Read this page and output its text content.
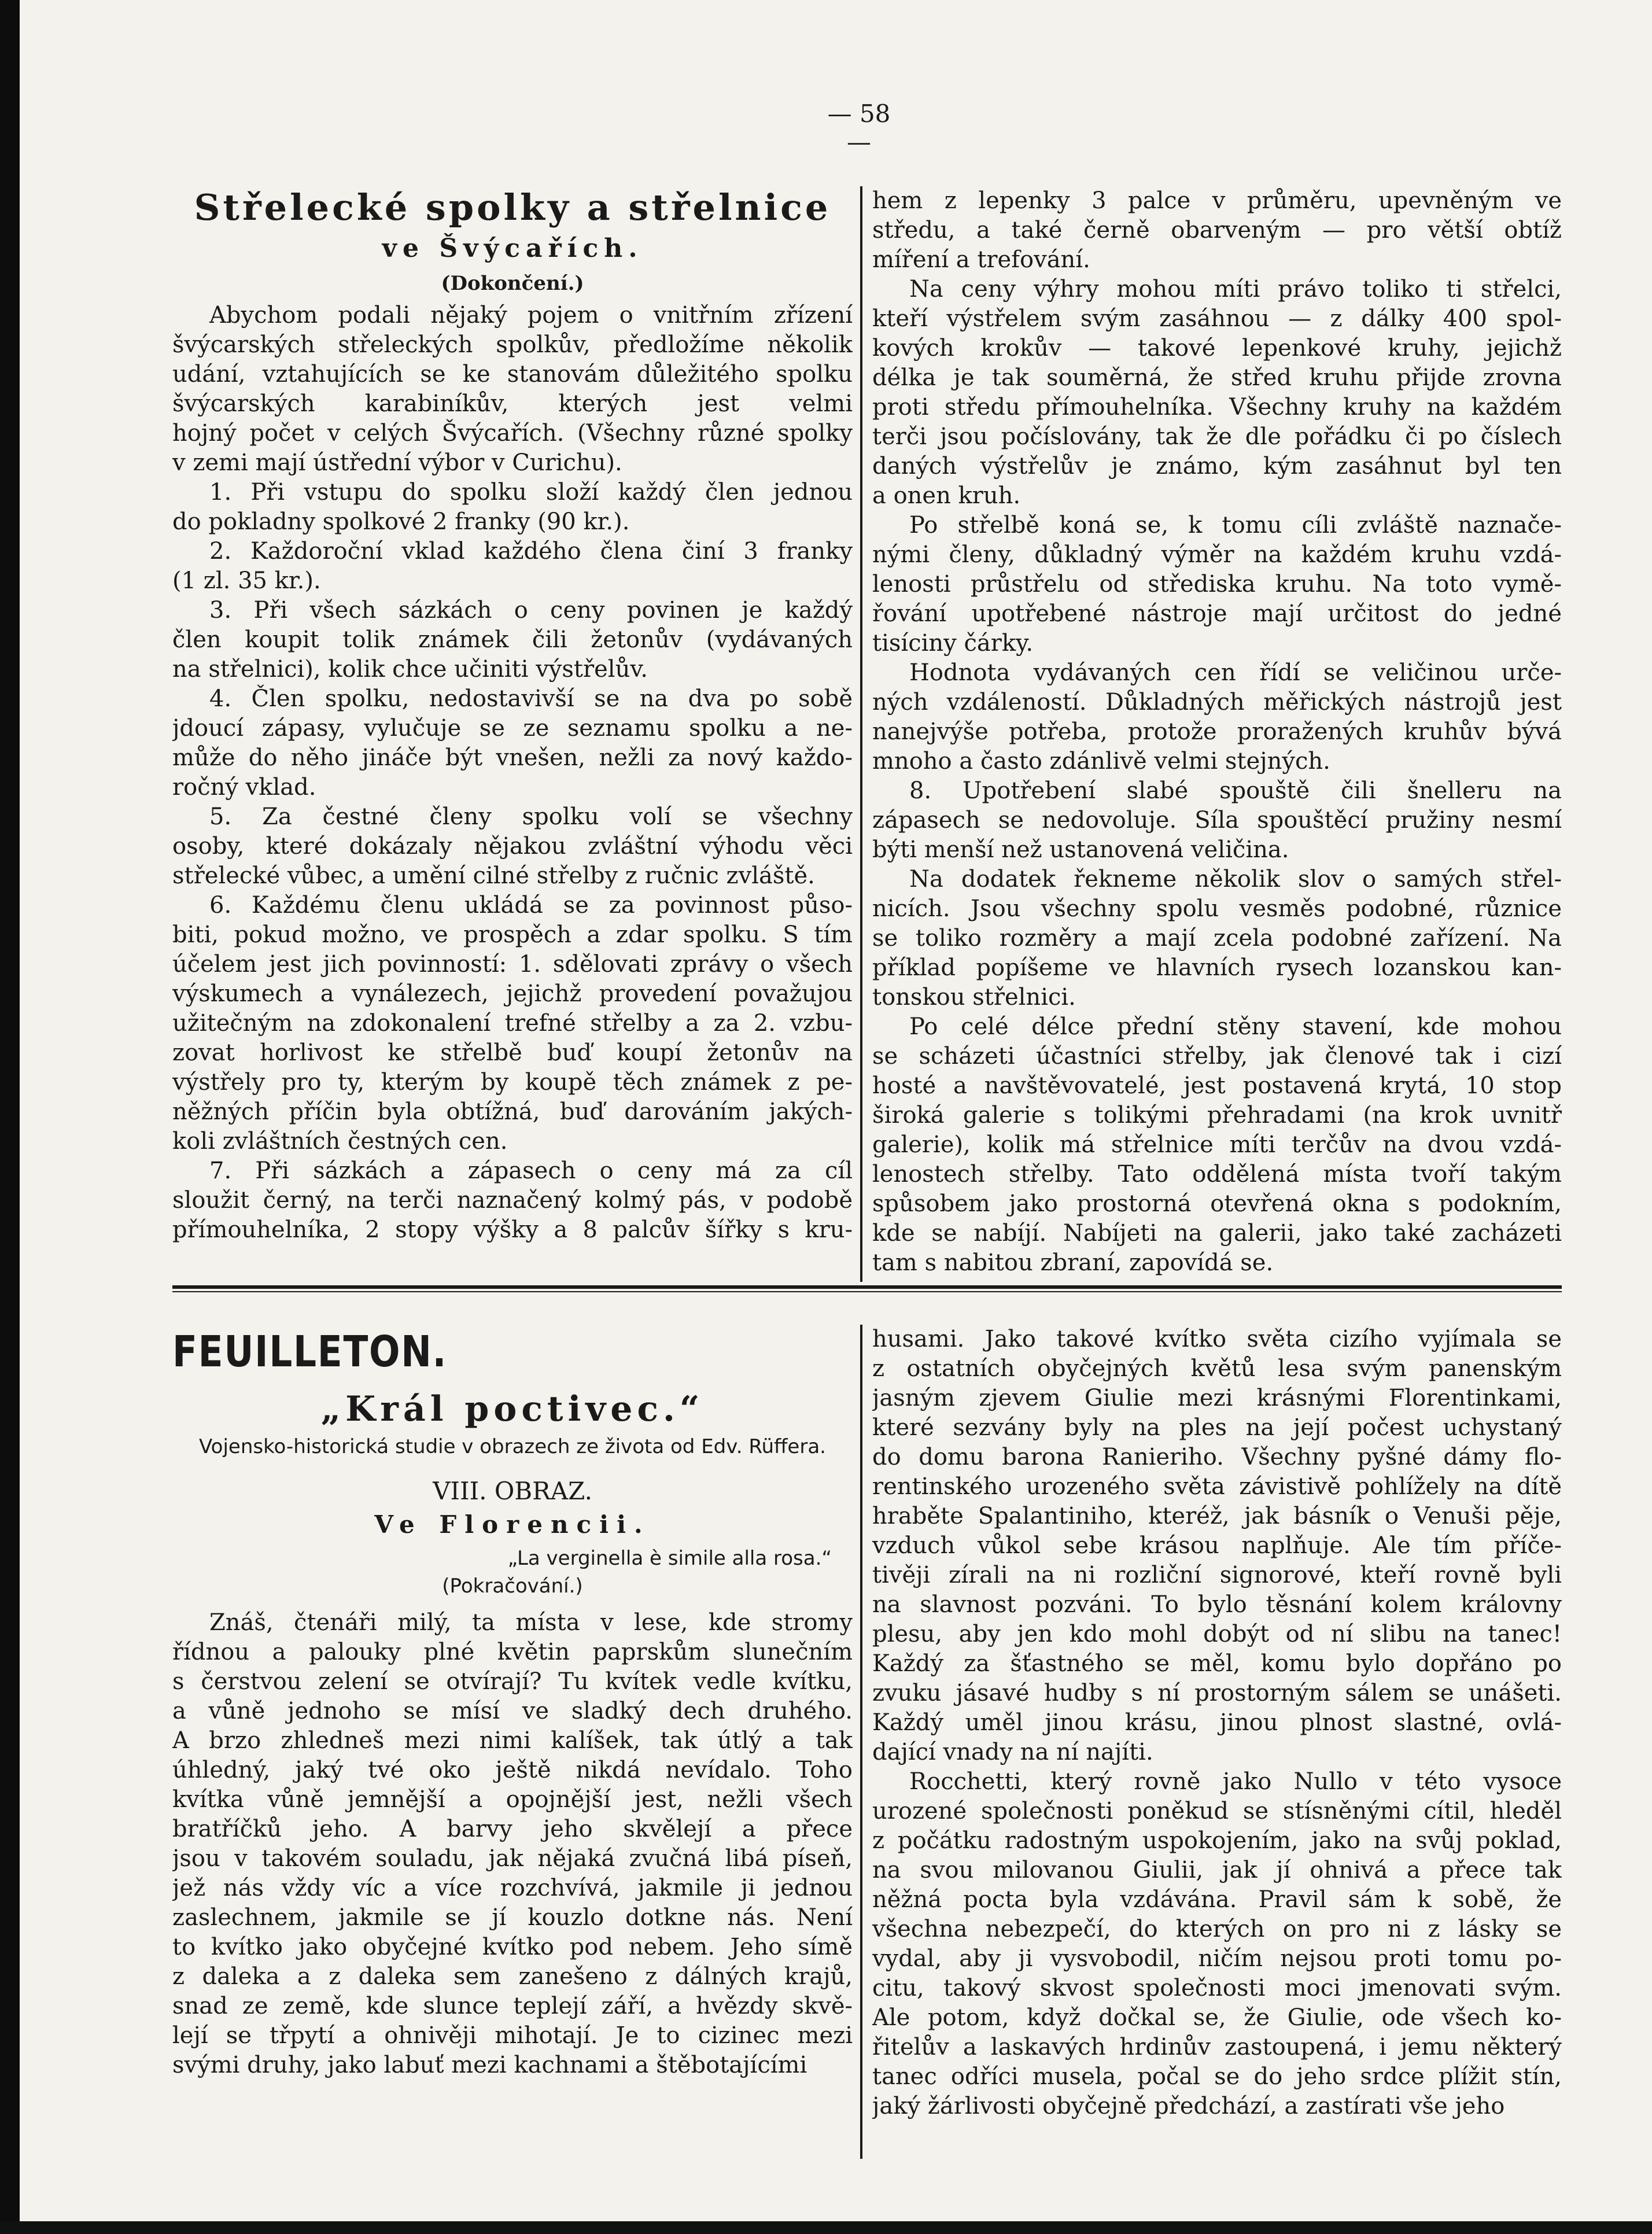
— 58 —
Střelecké spolky a střelnice
ve Švýcařích.
(Dokončení.)
Abychom podali nějaký pojem o vnitřním zřízení
švýcarských střeleckých spolkův, předložíme několik
udání, vztahujících se ke stanovám důležitého spolku
švýcarských karabiníkův, kterých jest velmi
hojný počet v celých Švýcařích. (Všechny různé spolky
v zemi mají ústřední výbor v Curichu).
1. Při vstupu do spolku složí každý člen jednou
do pokladny spolkové 2 franky (90 kr.).
2. Každoroční vklad každého člena činí 3 franky
(1 zl. 35 kr.).
3. Při všech sázkách o ceny povinen je každý
člen koupit tolik známek čili žetonův (vydávaných
na střelnici), kolik chce učiniti výstřelův.
4. Člen spolku, nedostavivší se na dva po sobě
jdoucí zápasy, vylučuje se ze seznamu spolku a ne-
může do něho jináče být vnešen, nežli za nový každo-
ročný vklad.
5. Za čestné členy spolku volí se všechny
osoby, které dokázaly nějakou zvláštní výhodu věci
střelecké vůbec, a umění cilné střelby z ručnic zvláště.
6. Každému členu ukládá se za povinnost půso-
biti, pokud možno, ve prospěch a zdar spolku. S tím
účelem jest jich povinností: 1. sdělovati zprávy o všech
výskumech a vynálezech, jejichž provedení považujou
užitečným na zdokonalení trefné střelby a za 2. vzbu-
zovat horlivost ke střelbě buď koupí žetonův na
výstřely pro ty, kterým by koupě těch známek z pe-
něžných příčin byla obtížná, buď darováním jakých-
koli zvláštních čestných cen.
7. Při sázkách a zápasech o ceny má za cíl
sloužit černý, na terči naznačený kolmý pás, v podobě
přímouhelníka, 2 stopy výšky a 8 palcův šířky s kru-
hem z lepenky 3 palce v průměru, upevněným ve
středu, a také černě obarveným — pro větší obtíž
míření a trefování.
Na ceny výhry mohou míti právo toliko ti střelci,
kteří výstřelem svým zasáhnou — z dálky 400 spol-
kových krokův — takové lepenkové kruhy, jejichž
délka je tak souměrná, že střed kruhu přijde zrovna
proti středu přímouhelníka. Všechny kruhy na každém
terči jsou počíslovány, tak že dle pořádku či po číslech
daných výstřelův je známo, kým zasáhnut byl ten
a onen kruh.
Po střelbě koná se, k tomu cíli zvláště naznače-
nými členy, důkladný výměr na každém kruhu vzdá-
lenosti průstřelu od střediska kruhu. Na toto vymě-
řování upotřebené nástroje mají určitost do jedné
tisíciny čárky.
Hodnota vydávaných cen řídí se veličinou urče-
ných vzdáleností. Důkladných měřických nástrojů jest
nanejvýše potřeba, protože proražených kruhův bývá
mnoho a často zdánlivě velmi stejných.
8. Upotřebení slabé spouště čili šnelleru na
zápasech se nedovoluje. Síla spouštěcí pružiny nesmí
býti menší než ustanovená veličina.
Na dodatek řekneme několik slov o samých střel-
nicích. Jsou všechny spolu vesměs podobné, různice
se toliko rozměry a mají zcela podobné zařízení. Na
příklad popíšeme ve hlavních rysech lozanskou kan-
tonskou střelnici.
Po celé délce přední stěny stavení, kde mohou
se scházeti účastníci střelby, jak členové tak i cizí
hosté a navštěvovatelé, jest postavená krytá, 10 stop
široká galerie s tolikými přehradami (na krok uvnitř
galerie), kolik má střelnice míti terčův na dvou vzdá-
lenostech střelby. Tato oddělená místa tvoří takým
spůsobem jako prostorná otevřená okna s podokním,
kde se nabíjí. Nabíjeti na galerii, jako také zacházeti
tam s nabitou zbraní, zapovídá se.
FEUILLETON.
„Král poctivec.“
Vojensko-historická studie v obrazech ze života od Edv. Rüffera.
VIII. OBRAZ.
Ve Florencii.
„La verginella è simile alla rosa.“
(Pokračování.)
Znáš, čtenáři milý, ta místa v lese, kde stromy
řídnou a palouky plné květin paprskům slunečním
s čerstvou zelení se otvírají? Tu kvítek vedle kvítku,
a vůně jednoho se mísí ve sladký dech druhého.
A brzo zhledneš mezi nimi kalíšek, tak útlý a tak
úhledný, jaký tvé oko ještě nikdá nevídalo. Toho
kvítka vůně jemnější a opojnější jest, nežli všech
bratříčků jeho. A barvy jeho skvělejí a přece
jsou v takovém souladu, jak nějaká zvučná libá píseň,
jež nás vždy víc a více rozchvívá, jakmile ji jednou
zaslechnem, jakmile se jí kouzlo dotkne nás. Není
to kvítko jako obyčejné kvítko pod nebem. Jeho símě
z daleka a z daleka sem zanešeno z dálných krajů,
snad ze země, kde slunce teplejí září, a hvězdy skvě-
lejí se třpytí a ohnivěji mihotají. Je to cizinec mezi
svými druhy, jako labuť mezi kachnami a štěbotajícími
husami. Jako takové kvítko světa cizího vyjímala se
z ostatních obyčejných květů lesa svým panenským
jasným zjevem Giulie mezi krásnými Florentinkami,
které sezvány byly na ples na její počest uchystaný
do domu barona Ranieriho. Všechny pyšné dámy flo-
rentinského urozeného světa závistivě pohlížely na dítě
hraběte Spalantiniho, kteréž, jak básník o Venuši pěje,
vzduch vůkol sebe krásou naplňuje. Ale tím příče-
tivěji zírali na ni rozliční signorové, kteří rovně byli
na slavnost pozváni. To bylo těsnání kolem královny
plesu, aby jen kdo mohl dobýt od ní slibu na tanec!
Každý za šťastného se měl, komu bylo dopřáno po
zvuku jásavé hudby s ní prostorným sálem se unášeti.
Každý uměl jinou krásu, jinou plnost slastné, ovlá-
dající vnady na ní najíti.
Rocchetti, který rovně jako Nullo v této vysoce
urozené společnosti poněkud se stísněnými cítil, hleděl
z počátku radostným uspokojením, jako na svůj poklad,
na svou milovanou Giulii, jak jí ohnivá a přece tak
něžná pocta byla vzdávána. Pravil sám k sobě, že
všechna nebezpečí, do kterých on pro ni z lásky se
vydal, aby ji vysvobodil, ničím nejsou proti tomu po-
citu, takový skvost společnosti moci jmenovati svým.
Ale potom, když dočkal se, že Giulie, ode všech ko-
řitelův a laskavých hrdinův zastoupená, i jemu některý
tanec odříci musela, počal se do jeho srdce plížit stín,
jaký žárlivosti obyčejně předchází, a zastírati vše jeho
